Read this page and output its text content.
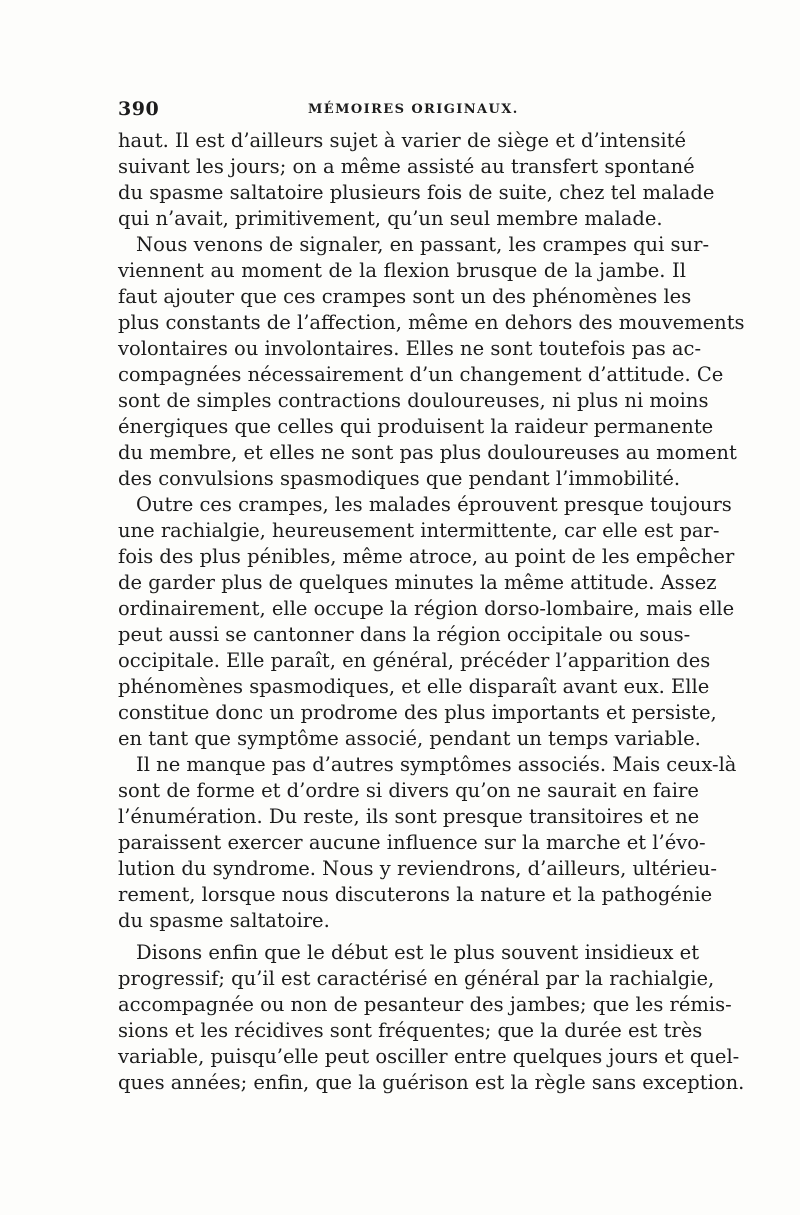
390	MÉMOIRES ORIGINAUX.

haut. Il est d’ailleurs sujet à varier de siège et d’intensité
suivant les jours; on a même assisté au transfert spontané
du spasme saltatoire plusieurs fois de suite, chez tel malade
qui n’avait, primitivement, qu’un seul membre malade.

Nous venons de signaler, en passant, les crampes qui sur-
viennent au moment de la flexion brusque de la jambe. Il
faut ajouter que ces crampes sont un des phénomènes les
plus constants de l’affection, même en dehors des mouvements
volontaires ou involontaires. Elles ne sont toutefois pas ac-
compagnées nécessairement d’un changement d’attitude. Ce
sont de simples contractions douloureuses, ni plus ni moins
énergiques que celles qui produisent la raideur permanente
du membre, et elles ne sont pas plus douloureuses au moment
des convulsions spasmodiques que pendant l’immobilité.

Outre ces crampes, les malades éprouvent presque toujours
une rachialgie, heureusement intermittente, car elle est par-
fois des plus pénibles, même atroce, au point de les empêcher
de garder plus de quelques minutes la même attitude. Assez
ordinairement, elle occupe la région dorso-lombaire, mais elle
peut aussi se cantonner dans la région occipitale ou sous-
occipitale. Elle paraît, en général, précéder l’apparition des
phénomènes spasmodiques, et elle disparaît avant eux. Elle
constitue donc un prodrome des plus importants et persiste,
en tant que symptôme associé, pendant un temps variable.

Il ne manque pas d’autres symptômes associés. Mais ceux-là
sont de forme et d’ordre si divers qu’on ne saurait en faire
l’énumération. Du reste, ils sont presque transitoires et ne
paraissent exercer aucune influence sur la marche et l’évo-
lution du syndrome. Nous y reviendrons, d’ailleurs, ultérieu-
rement, lorsque nous discuterons la nature et la pathogénie
du spasme saltatoire.

Disons enfin que le début est le plus souvent insidieux et
progressif; qu’il est caractérisé en général par la rachialgie,
accompagnée ou non de pesanteur des jambes; que les rémis-
sions et les récidives sont fréquentes; que la durée est très
variable, puisqu’elle peut osciller entre quelques jours et quel-
ques années; enfin, que la guérison est la règle sans exception.
